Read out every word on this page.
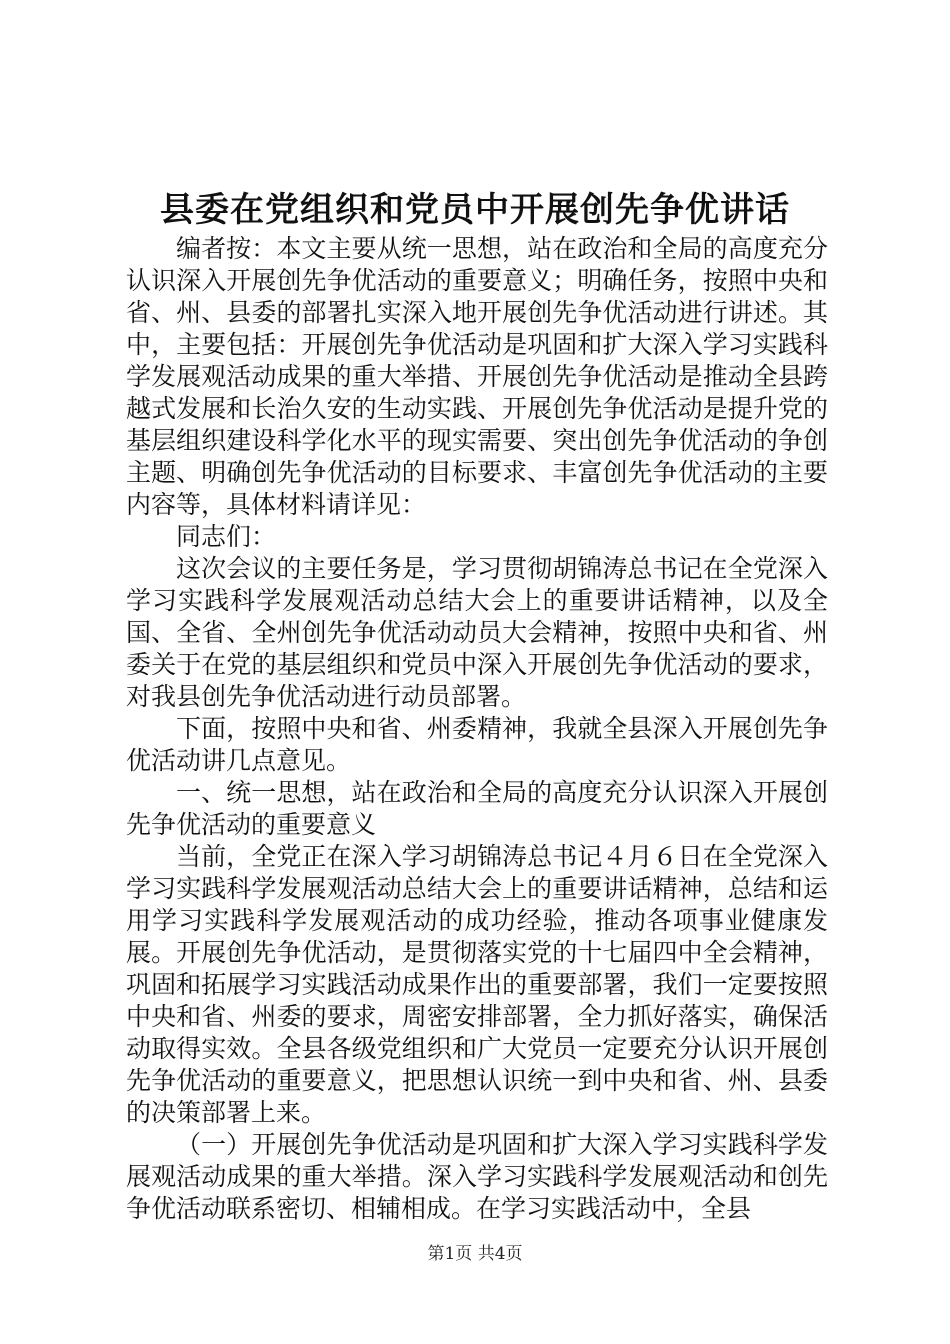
县委在党组织和党员中开展创先争优讲话

编者按：本文主要从统一思想，站在政治和全局的高度充分认识深入开展创先争优活动的重要意义；明确任务，按照中央和省、州、县委的部署扎实深入地开展创先争优活动进行讲述。其中，主要包括：开展创先争优活动是巩固和扩大深入学习实践科学发展观活动成果的重大举措、开展创先争优活动是推动全县跨越式发展和长治久安的生动实践、开展创先争优活动是提升党的基层组织建设科学化水平的现实需要、突出创先争优活动的争创主题、明确创先争优活动的目标要求、丰富创先争优活动的主要内容等，具体材料请详见：

同志们：

这次会议的主要任务是，学习贯彻胡锦涛总书记在全党深入学习实践科学发展观活动总结大会上的重要讲话精神，以及全国、全省、全州创先争优活动动员大会精神，按照中央和省、州委关于在党的基层组织和党员中深入开展创先争优活动的要求，对我县创先争优活动进行动员部署。

下面，按照中央和省、州委精神，我就全县深入开展创先争优活动讲几点意见。

一、统一思想，站在政治和全局的高度充分认识深入开展创先争优活动的重要意义

当前，全党正在深入学习胡锦涛总书记４月６日在全党深入学习实践科学发展观活动总结大会上的重要讲话精神，总结和运用学习实践科学发展观活动的成功经验，推动各项事业健康发展。开展创先争优活动，是贯彻落实党的十七届四中全会精神，巩固和拓展学习实践活动成果作出的重要部署，我们一定要按照中央和省、州委的要求，周密安排部署，全力抓好落实，确保活动取得实效。全县各级党组织和广大党员一定要充分认识开展创先争优活动的重要意义，把思想认识统一到中央和省、州、县委的决策部署上来。

（一）开展创先争优活动是巩固和扩大深入学习实践科学发展观活动成果的重大举措。深入学习实践科学发展观活动和创先争优活动联系密切、相辅相成。在学习实践活动中，全县

第1页 共4页
